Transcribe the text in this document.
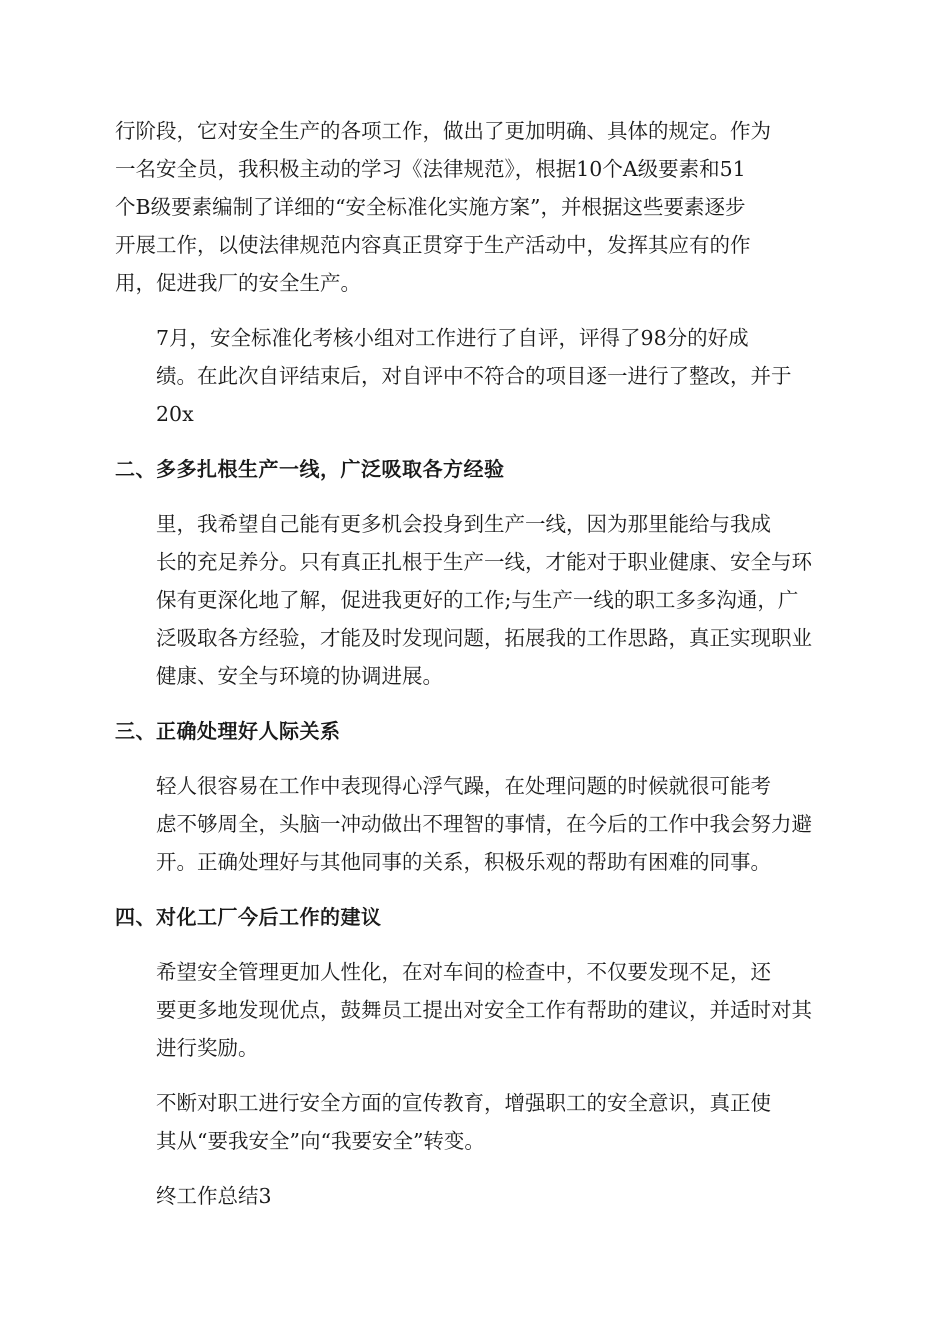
行阶段，它对安全生产的各项工作，做出了更加明确、具体的规定。作为
一名安全员，我积极主动的学习《法律规范》，根据10个A级要素和51
个B级要素编制了详细的“安全标准化实施方案”，并根据这些要素逐步
开展工作，以使法律规范内容真正贯穿于生产活动中，发挥其应有的作
用，促进我厂的安全生产。

7月，安全标准化考核小组对工作进行了自评，评得了98分的好成
绩。在此次自评结束后，对自评中不符合的项目逐一进行了整改，并于
20x

二、多多扎根生产一线，广泛吸取各方经验

里，我希望自己能有更多机会投身到生产一线，因为那里能给与我成
长的充足养分。只有真正扎根于生产一线，才能对于职业健康、安全与环
保有更深化地了解，促进我更好的工作;与生产一线的职工多多沟通，广
泛吸取各方经验，才能及时发现问题，拓展我的工作思路，真正实现职业
健康、安全与环境的协调进展。

三、正确处理好人际关系

轻人很容易在工作中表现得心浮气躁，在处理问题的时候就很可能考
虑不够周全，头脑一冲动做出不理智的事情，在今后的工作中我会努力避
开。正确处理好与其他同事的关系，积极乐观的帮助有困难的同事。

四、对化工厂今后工作的建议

希望安全管理更加人性化，在对车间的检查中，不仅要发现不足，还
要更多地发现优点，鼓舞员工提出对安全工作有帮助的建议，并适时对其
进行奖励。

不断对职工进行安全方面的宣传教育，增强职工的安全意识，真正使
其从“要我安全”向“我要安全”转变。

终工作总结3
